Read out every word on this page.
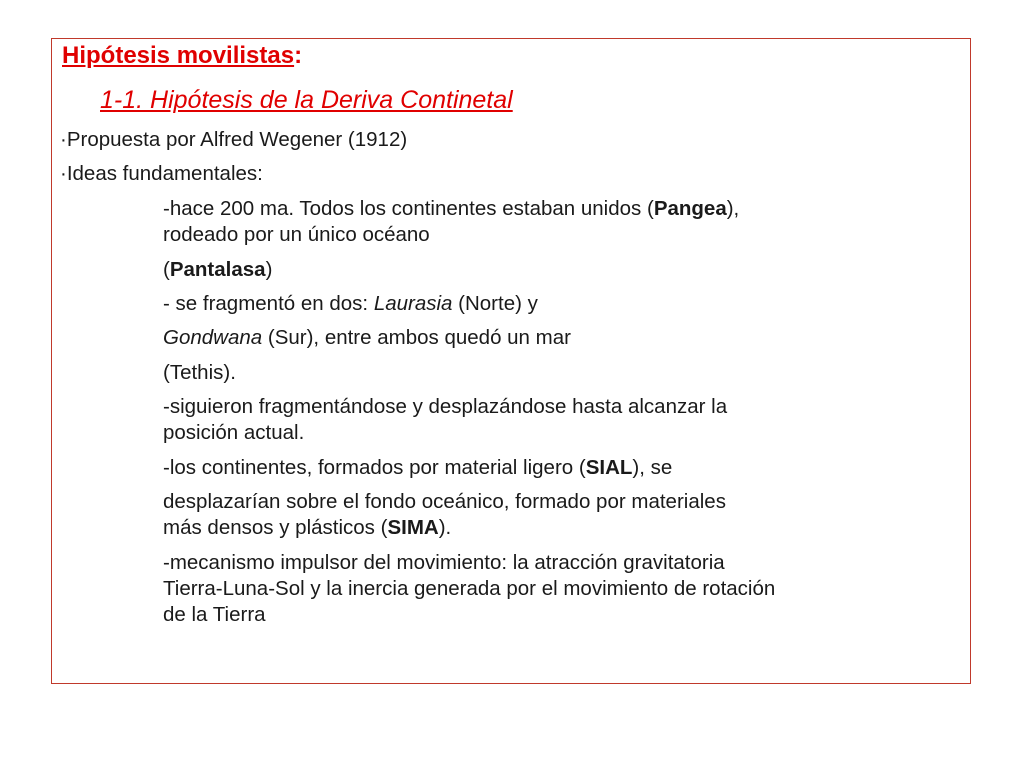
Hipótesis movilistas:
1-1. Hipótesis de la Deriva Continetal
·Propuesta por Alfred Wegener (1912)
·Ideas fundamentales:
-hace 200 ma. Todos los continentes estaban unidos (Pangea),
rodeado por un único océano
(Pantalasa)
- se fragmentó en dos: Laurasia (Norte) y
Gondwana (Sur), entre ambos quedó un mar
(Tethis).
-siguieron fragmentándose y desplazándose hasta alcanzar la
posición actual.
-los continentes, formados por material ligero (SIAL), se
desplazarían sobre el fondo oceánico, formado por materiales
más densos y plásticos (SIMA).
-mecanismo impulsor del movimiento: la atracción gravitatoria
Tierra-Luna-Sol y la inercia generada por el movimiento de rotación
de la Tierra
